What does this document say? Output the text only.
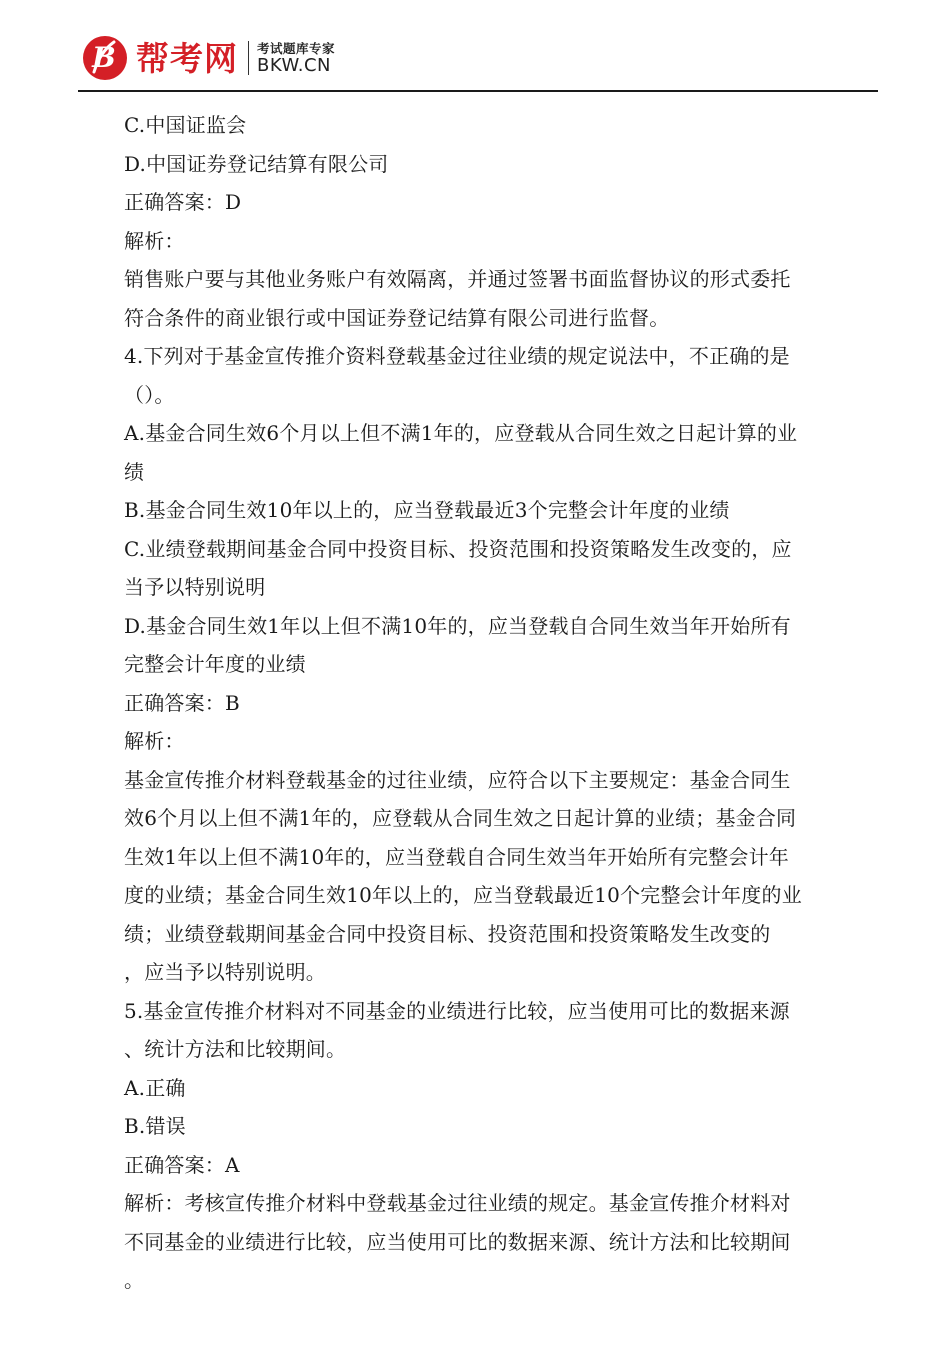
B 帮考网 考试题库专家
BKW.CN
C.中国证监会
D.中国证券登记结算有限公司
正确答案：D
解析：
销售账户要与其他业务账户有效隔离，并通过签署书面监督协议的形式委托
符合条件的商业银行或中国证券登记结算有限公司进行监督。
4.下列对于基金宣传推介资料登载基金过往业绩的规定说法中，不正确的是
（）。
A.基金合同生效6个月以上但不满1年的，应登载从合同生效之日起计算的业
绩
B.基金合同生效10年以上的，应当登载最近3个完整会计年度的业绩
C.业绩登载期间基金合同中投资目标、投资范围和投资策略发生改变的，应
当予以特别说明
D.基金合同生效1年以上但不满10年的，应当登载自合同生效当年开始所有
完整会计年度的业绩
正确答案：B
解析：
基金宣传推介材料登载基金的过往业绩，应符合以下主要规定：基金合同生
效6个月以上但不满1年的，应登载从合同生效之日起计算的业绩；基金合同
生效1年以上但不满10年的，应当登载自合同生效当年开始所有完整会计年
度的业绩；基金合同生效10年以上的，应当登载最近10个完整会计年度的业
绩；业绩登载期间基金合同中投资目标、投资范围和投资策略发生改变的
，应当予以特别说明。
5.基金宣传推介材料对不同基金的业绩进行比较，应当使用可比的数据来源
、统计方法和比较期间。
A.正确
B.错误
正确答案：A
解析：考核宣传推介材料中登载基金过往业绩的规定。基金宣传推介材料对
不同基金的业绩进行比较，应当使用可比的数据来源、统计方法和比较期间
。
